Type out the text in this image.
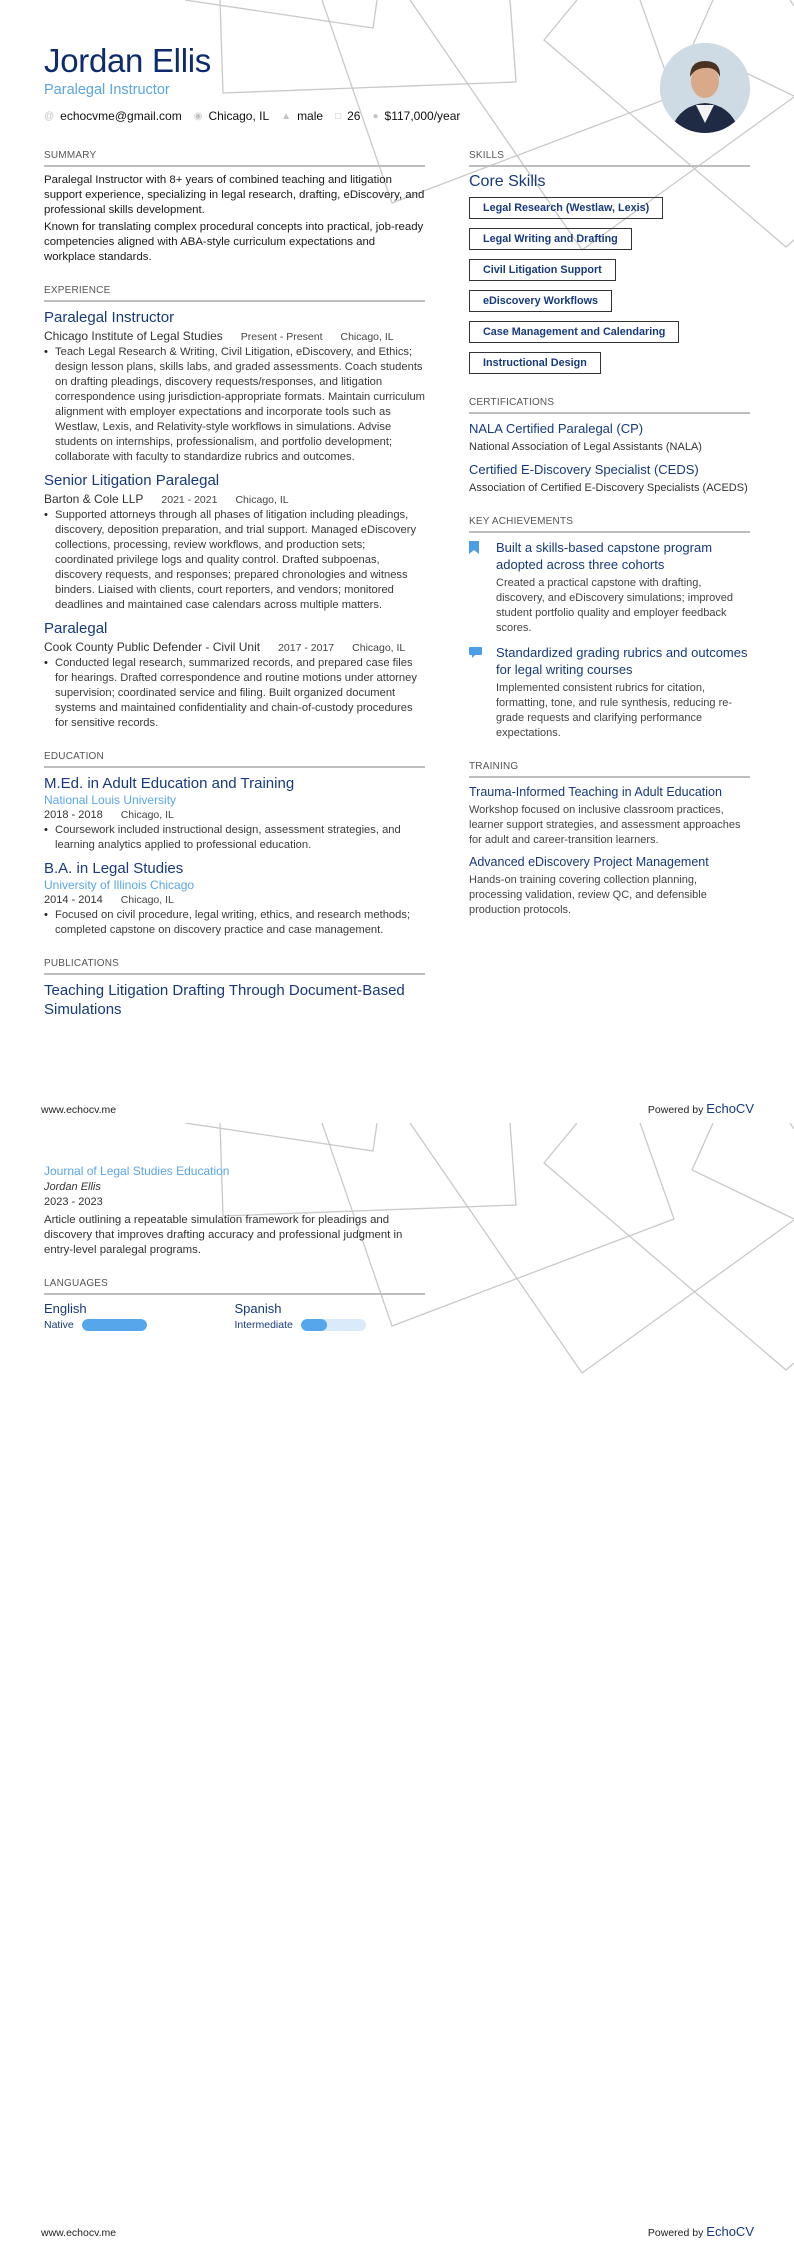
Jordan Ellis
Paralegal Instructor
@ echocvme@gmail.com ◉ Chicago, IL ▲ male □ 26 ● $117,000/year
SUMMARY

Paralegal Instructor with 8+ years of combined teaching and litigation support experience, specializing in legal research, drafting, eDiscovery, and professional skills development.

Known for translating complex procedural concepts into practical, job-ready competencies aligned with ABA-style curriculum expectations and workplace standards.

EXPERIENCE
Paralegal Instructor
Chicago Institute of Legal Studies Present - Present Chicago, IL
• Teach Legal Research & Writing, Civil Litigation, eDiscovery, and Ethics; design lesson plans, skills labs, and graded assessments. Coach students on drafting pleadings, discovery requests/responses, and litigation correspondence using jurisdiction-appropriate formats. Maintain curriculum alignment with employer expectations and incorporate tools such as Westlaw, Lexis, and Relativity-style workflows in simulations. Advise students on internships, professionalism, and portfolio development; collaborate with faculty to standardize rubrics and outcomes.
Senior Litigation Paralegal
Barton & Cole LLP 2021 - 2021 Chicago, IL
• Supported attorneys through all phases of litigation including pleadings, discovery, deposition preparation, and trial support. Managed eDiscovery collections, processing, review workflows, and production sets; coordinated privilege logs and quality control. Drafted subpoenas, discovery requests, and responses; prepared chronologies and witness binders. Liaised with clients, court reporters, and vendors; monitored deadlines and maintained case calendars across multiple matters.
Paralegal
Cook County Public Defender - Civil Unit 2017 - 2017 Chicago, IL
• Conducted legal research, summarized records, and prepared case files for hearings. Drafted correspondence and routine motions under attorney supervision; coordinated service and filing. Built organized document systems and maintained confidentiality and chain-of-custody procedures for sensitive records.
EDUCATION
M.Ed. in Adult Education and Training
National Louis University
2018 - 2018 Chicago, IL
• Coursework included instructional design, assessment strategies, and learning analytics applied to professional education.
B.A. in Legal Studies
University of Illinois Chicago
2014 - 2014 Chicago, IL
• Focused on civil procedure, legal writing, ethics, and research methods; completed capstone on discovery practice and case management.
PUBLICATIONS
Teaching Litigation Drafting Through Document-Based Simulations
SKILLS
Core Skills
Legal Research (Westlaw, Lexis)
Legal Writing and Drafting
Civil Litigation Support
eDiscovery Workflows
Case Management and Calendaring
Instructional Design
CERTIFICATIONS
NALA Certified Paralegal (CP)
National Association of Legal Assistants (NALA)
Certified E-Discovery Specialist (CEDS)
Association of Certified E-Discovery Specialists (ACEDS)
KEY ACHIEVEMENTS
Built a skills-based capstone program adopted across three cohorts
Created a practical capstone with drafting, discovery, and eDiscovery simulations; improved student portfolio quality and employer feedback scores.
Standardized grading rubrics and outcomes for legal writing courses
Implemented consistent rubrics for citation, formatting, tone, and rule synthesis, reducing re-grade requests and clarifying performance expectations.
TRAINING
Trauma-Informed Teaching in Adult Education
Workshop focused on inclusive classroom practices, learner support strategies, and assessment approaches for adult and career-transition learners.
Advanced eDiscovery Project Management
Hands-on training covering collection planning, processing validation, review QC, and defensible production protocols.
www.echocv.me	Powered by EchoCV
Journal of Legal Studies Education
Jordan Ellis
2023 - 2023

Article outlining a repeatable simulation framework for pleadings and discovery that improves drafting accuracy and professional judgment in entry-level paralegal programs.

LANGUAGES
English
Native
Spanish
Intermediate
www.echocv.me	Powered by EchoCV
